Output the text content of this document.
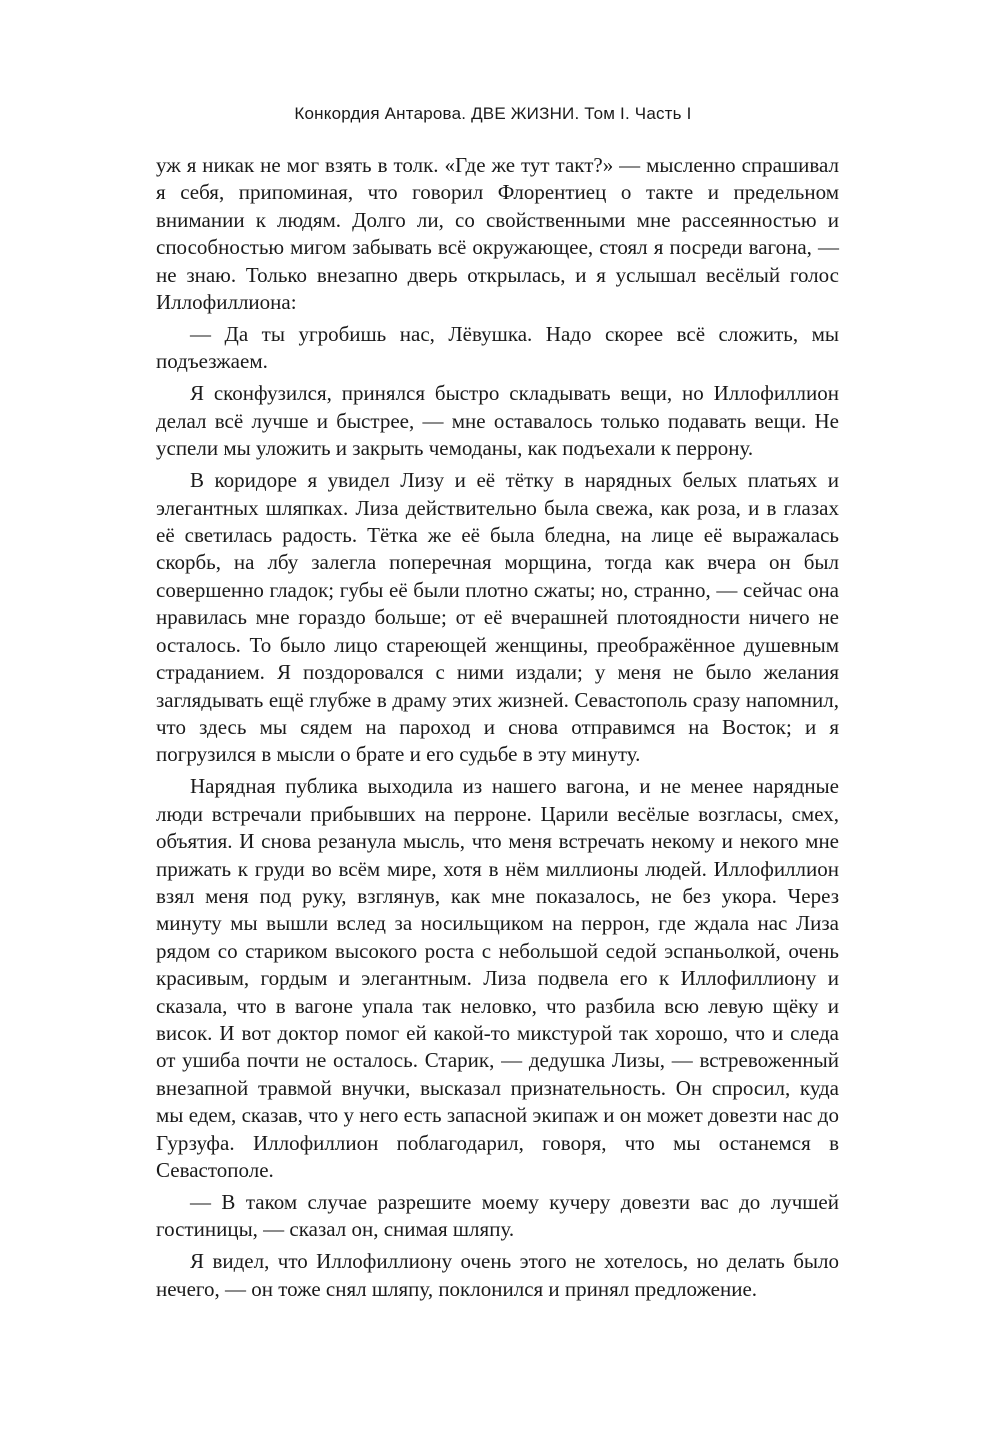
Конкордия Антарова. ДВЕ ЖИЗНИ. Том I. Часть I

уж я никак не мог взять в толк. «Где же тут такт?» — мысленно спрашивал я себя, припоминая, что говорил Флорентиец о такте и предельном внимании к людям. Долго ли, со свойственными мне рассеянностью и способностью мигом забывать всё окружающее, стоял я посреди вагона, — не знаю. Только внезапно дверь открылась, и я услышал весёлый голос Иллофиллиона:

— Да ты угробишь нас, Лёвушка. Надо скорее всё сложить, мы подъезжаем.

Я сконфузился, принялся быстро складывать вещи, но Иллофиллион делал всё лучше и быстрее, — мне оставалось только подавать вещи. Не успели мы уложить и закрыть чемоданы, как подъехали к перрону.

В коридоре я увидел Лизу и её тётку в нарядных белых платьях и элегантных шляпках. Лиза действительно была свежа, как роза, и в глазах её светилась радость. Тётка же её была бледна, на лице её выражалась скорбь, на лбу залегла поперечная морщина, тогда как вчера он был совершенно гладок; губы её были плотно сжаты; но, странно, — сейчас она нравилась мне гораздо больше; от её вчерашней плотоядности ничего не осталось. То было лицо стареющей женщины, преображённое душевным страданием. Я поздоровался с ними издали; у меня не было желания заглядывать ещё глубже в драму этих жизней. Севастополь сразу напомнил, что здесь мы сядем на пароход и снова отправимся на Восток; и я погрузился в мысли о брате и его судьбе в эту минуту.

Нарядная публика выходила из нашего вагона, и не менее нарядные люди встречали прибывших на перроне. Царили весёлые возгласы, смех, объятия. И снова резанула мысль, что меня встречать некому и некого мне прижать к груди во всём мире, хотя в нём миллионы людей. Иллофиллион взял меня под руку, взглянув, как мне показалось, не без укора. Через минуту мы вышли вслед за носильщиком на перрон, где ждала нас Лиза рядом со стариком высокого роста с небольшой седой эспаньолкой, очень красивым, гордым и элегантным. Лиза подвела его к Иллофиллиону и сказала, что в вагоне упала так неловко, что разбила всю левую щёку и висок. И вот доктор помог ей какой-то микстурой так хорошо, что и следа от ушиба почти не осталось. Старик, — дедушка Лизы, — встревоженный внезапной травмой внучки, высказал признательность. Он спросил, куда мы едем, сказав, что у него есть запасной экипаж и он может довезти нас до Гурзуфа. Иллофиллион поблагодарил, говоря, что мы останемся в Севастополе.

— В таком случае разрешите моему кучеру довезти вас до лучшей гостиницы, — сказал он, снимая шляпу.

Я видел, что Иллофиллиону очень этого не хотелось, но делать было нечего, — он тоже снял шляпу, поклонился и принял предложение.
